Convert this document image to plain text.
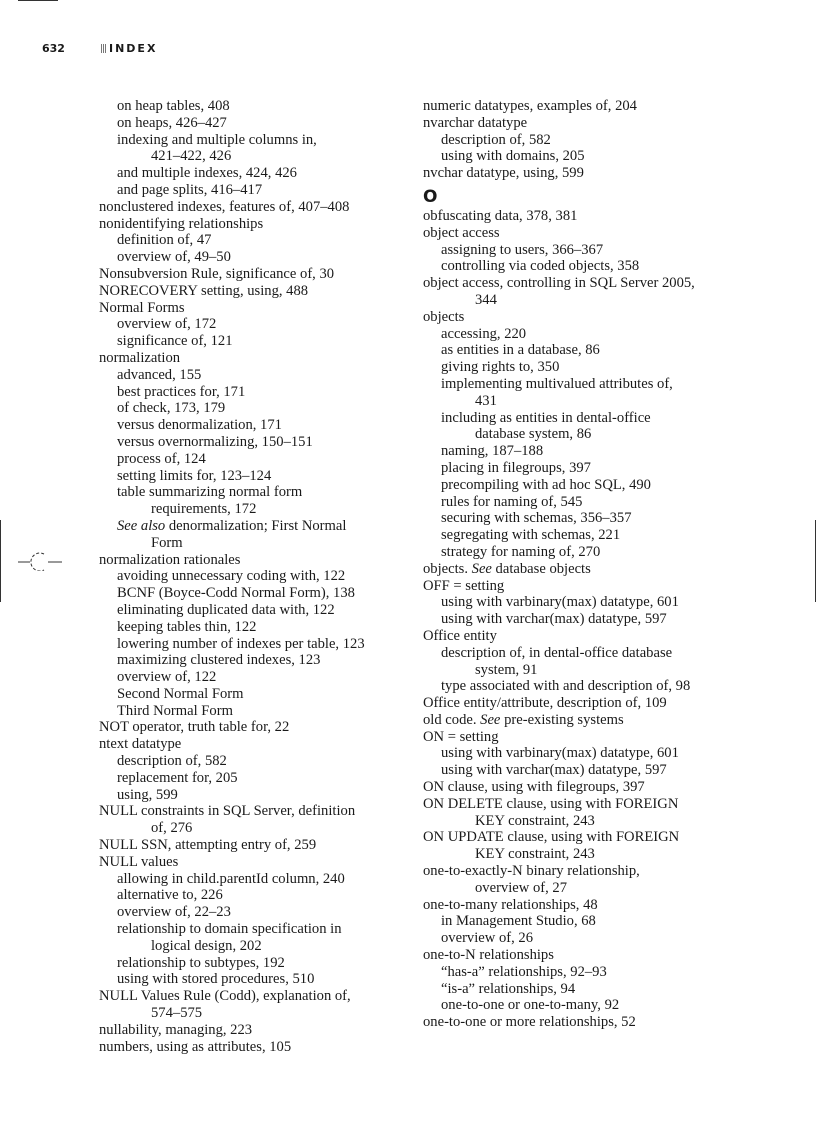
632	INDEX
on heap tables, 408
on heaps, 426–427
indexing and multiple columns in,
421–422, 426
and multiple indexes, 424, 426
and page splits, 416–417
nonclustered indexes, features of, 407–408
nonidentifying relationships
definition of, 47
overview of, 49–50
Nonsubversion Rule, significance of, 30
NORECOVERY setting, using, 488
Normal Forms
overview of, 172
significance of, 121
normalization
advanced, 155
best practices for, 171
of check, 173, 179
versus denormalization, 171
versus overnormalizing, 150–151
process of, 124
setting limits for, 123–124
table summarizing normal form
requirements, 172
See also denormalization; First Normal
Form
normalization rationales
avoiding unnecessary coding with, 122
BCNF (Boyce-Codd Normal Form), 138
eliminating duplicated data with, 122
keeping tables thin, 122
lowering number of indexes per table, 123
maximizing clustered indexes, 123
overview of, 122
Second Normal Form
Third Normal Form
NOT operator, truth table for, 22
ntext datatype
description of, 582
replacement for, 205
using, 599
NULL constraints in SQL Server, definition
of, 276
NULL SSN, attempting entry of, 259
NULL values
allowing in child.parentId column, 240
alternative to, 226
overview of, 22–23
relationship to domain specification in
logical design, 202
relationship to subtypes, 192
using with stored procedures, 510
NULL Values Rule (Codd), explanation of,
574–575
nullability, managing, 223
numbers, using as attributes, 105
numeric datatypes, examples of, 204
nvarchar datatype
description of, 582
using with domains, 205
nvchar datatype, using, 599
O
obfuscating data, 378, 381
object access
assigning to users, 366–367
controlling via coded objects, 358
object access, controlling in SQL Server 2005,
344
objects
accessing, 220
as entities in a database, 86
giving rights to, 350
implementing multivalued attributes of,
431
including as entities in dental-office
database system, 86
naming, 187–188
placing in filegroups, 397
precompiling with ad hoc SQL, 490
rules for naming of, 545
securing with schemas, 356–357
segregating with schemas, 221
strategy for naming of, 270
objects. See database objects
OFF = setting
using with varbinary(max) datatype, 601
using with varchar(max) datatype, 597
Office entity
description of, in dental-office database
system, 91
type associated with and description of, 98
Office entity/attribute, description of, 109
old code. See pre-existing systems
ON = setting
using with varbinary(max) datatype, 601
using with varchar(max) datatype, 597
ON clause, using with filegroups, 397
ON DELETE clause, using with FOREIGN
KEY constraint, 243
ON UPDATE clause, using with FOREIGN
KEY constraint, 243
one-to-exactly-N binary relationship,
overview of, 27
one-to-many relationships, 48
in Management Studio, 68
overview of, 26
one-to-N relationships
“has-a” relationships, 92–93
“is-a” relationships, 94
one-to-one or one-to-many, 92
one-to-one or more relationships, 52
